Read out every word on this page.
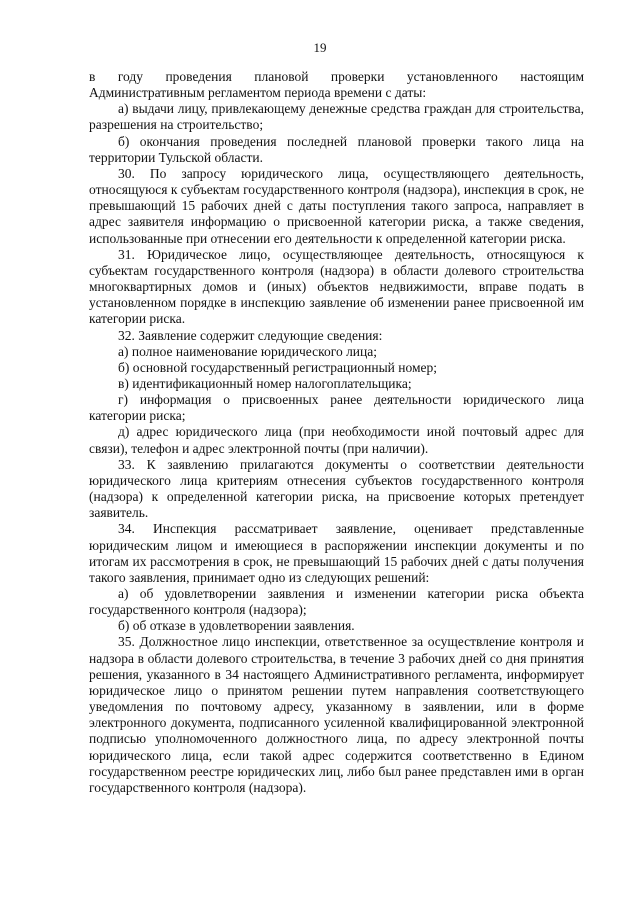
19

в году проведения плановой проверки установленного настоящим Административным регламентом периода времени с даты:

а) выдачи лицу, привлекающему денежные средства граждан для строительства, разрешения на строительство;

б) окончания проведения последней плановой проверки такого лица на территории Тульской области.

30. По запросу юридического лица, осуществляющего деятельность, относящуюся к субъектам государственного контроля (надзора), инспекция в срок, не превышающий 15 рабочих дней с даты поступления такого запроса, направляет в адрес заявителя информацию о присвоенной категории риска, а также сведения, использованные при отнесении его деятельности к определенной категории риска.

31. Юридическое лицо, осуществляющее деятельность, относящуюся к субъектам государственного контроля (надзора) в области долевого строительства многоквартирных домов и (иных) объектов недвижимости, вправе подать в установленном порядке в инспекцию заявление об изменении ранее присвоенной им категории риска.

32. Заявление содержит следующие сведения:

а) полное наименование юридического лица;

б) основной государственный регистрационный номер;

в) идентификационный номер налогоплательщика;

г) информация о присвоенных ранее деятельности юридического лица категории риска;

д) адрес юридического лица (при необходимости иной почтовый адрес для связи), телефон и адрес электронной почты (при наличии).

33. К заявлению прилагаются документы о соответствии деятельности юридического лица критериям отнесения субъектов государственного контроля (надзора) к определенной категории риска, на присвоение которых претендует заявитель.

34. Инспекция рассматривает заявление, оценивает представленные юридическим лицом и имеющиеся в распоряжении инспекции документы и по итогам их рассмотрения в срок, не превышающий 15 рабочих дней с даты получения такого заявления, принимает одно из следующих решений:

а) об удовлетворении заявления и изменении категории риска объекта государственного контроля (надзора);

б) об отказе в удовлетворении заявления.

35. Должностное лицо инспекции, ответственное за осуществление контроля и надзора в области долевого строительства, в течение 3 рабочих дней со дня принятия решения, указанного в 34 настоящего Административного регламента, информирует юридическое лицо о принятом решении путем направления соответствующего уведомления по почтовому адресу, указанному в заявлении, или в форме электронного документа, подписанного усиленной квалифицированной электронной подписью уполномоченного должностного лица, по адресу электронной почты юридического лица, если такой адрес содержится соответственно в Едином государственном реестре юридических лиц, либо был ранее представлен ими в орган государственного контроля (надзора).
